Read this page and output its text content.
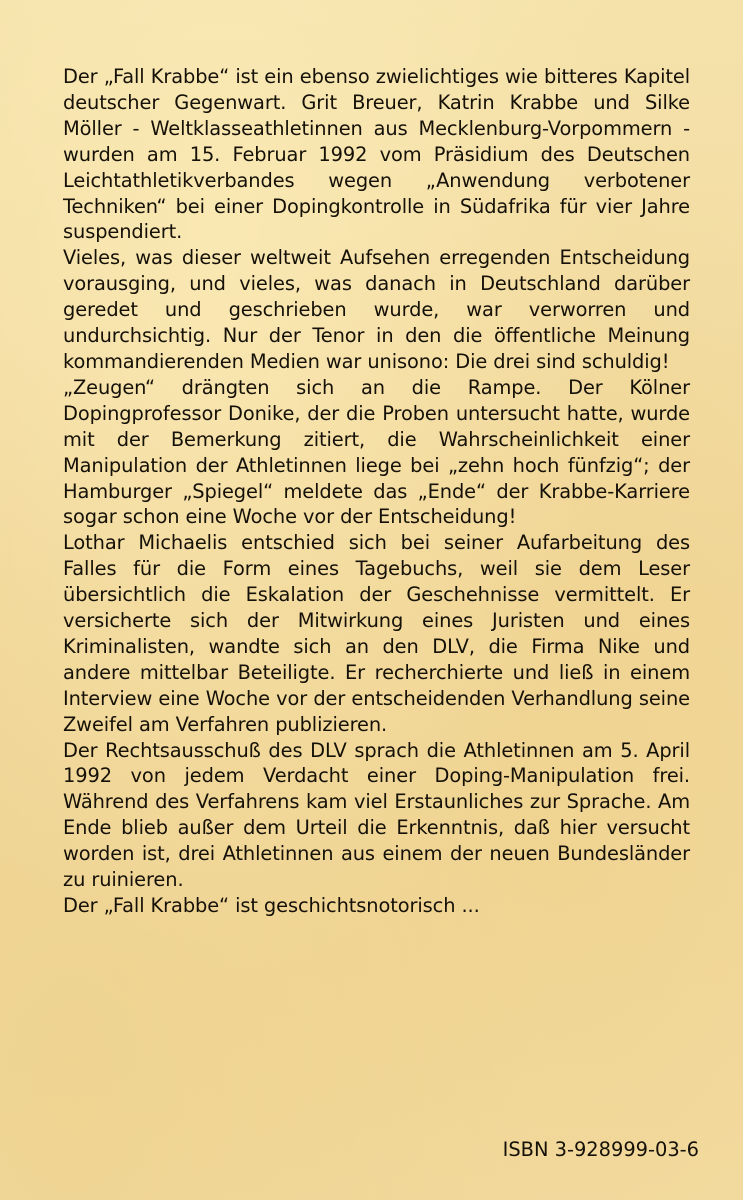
Der „Fall Krabbe“ ist ein ebenso zwielichtiges wie bitteres Kapitel deutscher Gegenwart. Grit Breuer, Katrin Krabbe und Silke Möller - Weltklasseathletinnen aus Mecklenburg-Vorpommern - wurden am 15. Februar 1992 vom Präsidium des Deutschen Leichtathletikverbandes wegen „Anwendung verbotener Techniken“ bei einer Dopingkontrolle in Südafrika für vier Jahre suspendiert.

Vieles, was dieser weltweit Aufsehen erregenden Entscheidung vorausging, und vieles, was danach in Deutschland darüber geredet und geschrieben wurde, war verworren und undurchsichtig. Nur der Tenor in den die öffentliche Meinung kommandierenden Medien war unisono: Die drei sind schuldig!

„Zeugen“ drängten sich an die Rampe. Der Kölner Dopingprofessor Donike, der die Proben untersucht hatte, wurde mit der Bemerkung zitiert, die Wahrscheinlichkeit einer Manipulation der Athletinnen liege bei „zehn hoch fünfzig“; der Hamburger „Spiegel“ meldete das „Ende“ der Krabbe-Karriere sogar schon eine Woche vor der Entscheidung!

Lothar Michaelis entschied sich bei seiner Aufarbeitung des Falles für die Form eines Tagebuchs, weil sie dem Leser übersichtlich die Eskalation der Geschehnisse vermittelt. Er versicherte sich der Mitwirkung eines Juristen und eines Kriminalisten, wandte sich an den DLV, die Firma Nike und andere mittelbar Beteiligte. Er recherchierte und ließ in einem Interview eine Woche vor der entscheidenden Verhandlung seine Zweifel am Verfahren publizieren.

Der Rechtsausschuß des DLV sprach die Athletinnen am 5. April 1992 von jedem Verdacht einer Doping-Manipulation frei. Während des Verfahrens kam viel Erstaunliches zur Sprache. Am Ende blieb außer dem Urteil die Erkenntnis, daß hier versucht worden ist, drei Athletinnen aus einem der neuen Bundesländer zu ruinieren.

Der „Fall Krabbe“ ist geschichtsnotorisch ...

ISBN 3-928999-03-6
